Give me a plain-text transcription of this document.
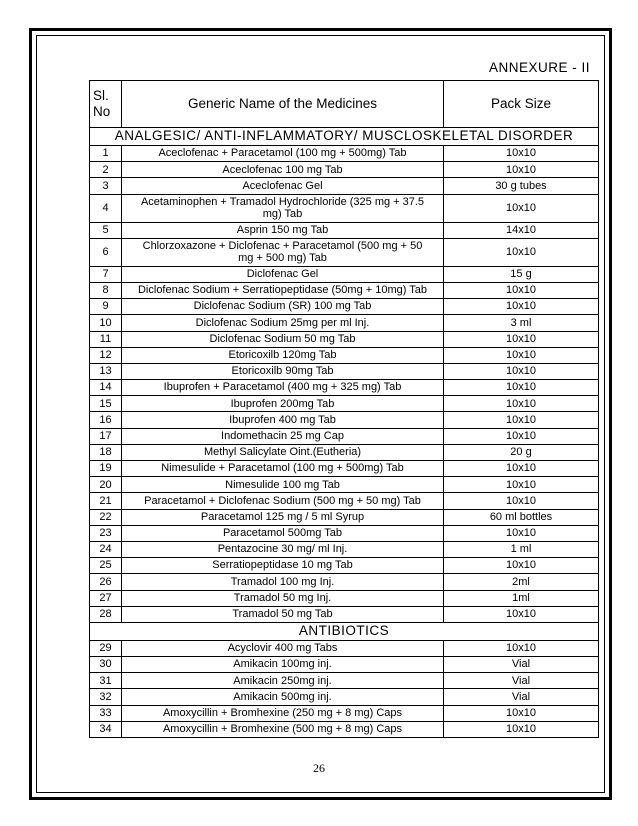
ANNEXURE - II
Sl.
No	Generic Name of the Medicines	Pack Size
ANALGESIC/ ANTI-INFLAMMATORY/ MUSCLOSKELETAL DISORDER		
1	Aceclofenac + Paracetamol (100 mg + 500mg) Tab	10x10
2	Aceclofenac 100 mg Tab	10x10
3	Aceclofenac Gel	30 g tubes
4	Acetaminophen + Tramadol Hydrochloride (325 mg + 37.5 mg) Tab	10x10
5	Asprin 150 mg Tab	14x10
6	Chlorzoxazone + Diclofenac + Paracetamol (500 mg + 50 mg + 500 mg) Tab	10x10
7	Diclofenac Gel	15 g
8	Diclofenac Sodium + Serratiopeptidase (50mg + 10mg) Tab	10x10
9	Diclofenac Sodium (SR) 100 mg Tab	10x10
10	Diclofenac Sodium 25mg per ml Inj.	3 ml
11	Diclofenac Sodium 50 mg Tab	10x10
12	Etoricoxilb 120mg Tab	10x10
13	Etoricoxilb 90mg Tab	10x10
14	Ibuprofen + Paracetamol (400 mg + 325 mg) Tab	10x10
15	Ibuprofen 200mg Tab	10x10
16	Ibuprofen 400 mg Tab	10x10
17	Indomethacin 25 mg Cap	10x10
18	Methyl Salicylate Oint.(Eutheria)	20 g
19	Nimesulide + Paracetamol (100 mg + 500mg) Tab	10x10
20	Nimesulide 100 mg Tab	10x10
21	Paracetamol + Diclofenac Sodium (500 mg + 50 mg) Tab	10x10
22	Paracetamol 125 mg / 5 ml Syrup	60 ml bottles
23	Paracetamol 500mg Tab	10x10
24	Pentazocine 30 mg/ ml Inj.	1 ml
25	Serratiopeptidase 10 mg Tab	10x10
26	Tramadol 100 mg Inj.	2ml
27	Tramadol 50 mg Inj.	1ml
28	Tramadol 50 mg Tab	10x10
ANTIBIOTICS		
29	Acyclovir 400 mg Tabs	10x10
30	Amikacin 100mg inj.	Vial
31	Amikacin 250mg inj.	Vial
32	Amikacin 500mg inj.	Vial
33	Amoxycillin + Bromhexine (250 mg + 8 mg) Caps	10x10
34	Amoxycillin + Bromhexine (500 mg + 8 mg) Caps	10x10
26
